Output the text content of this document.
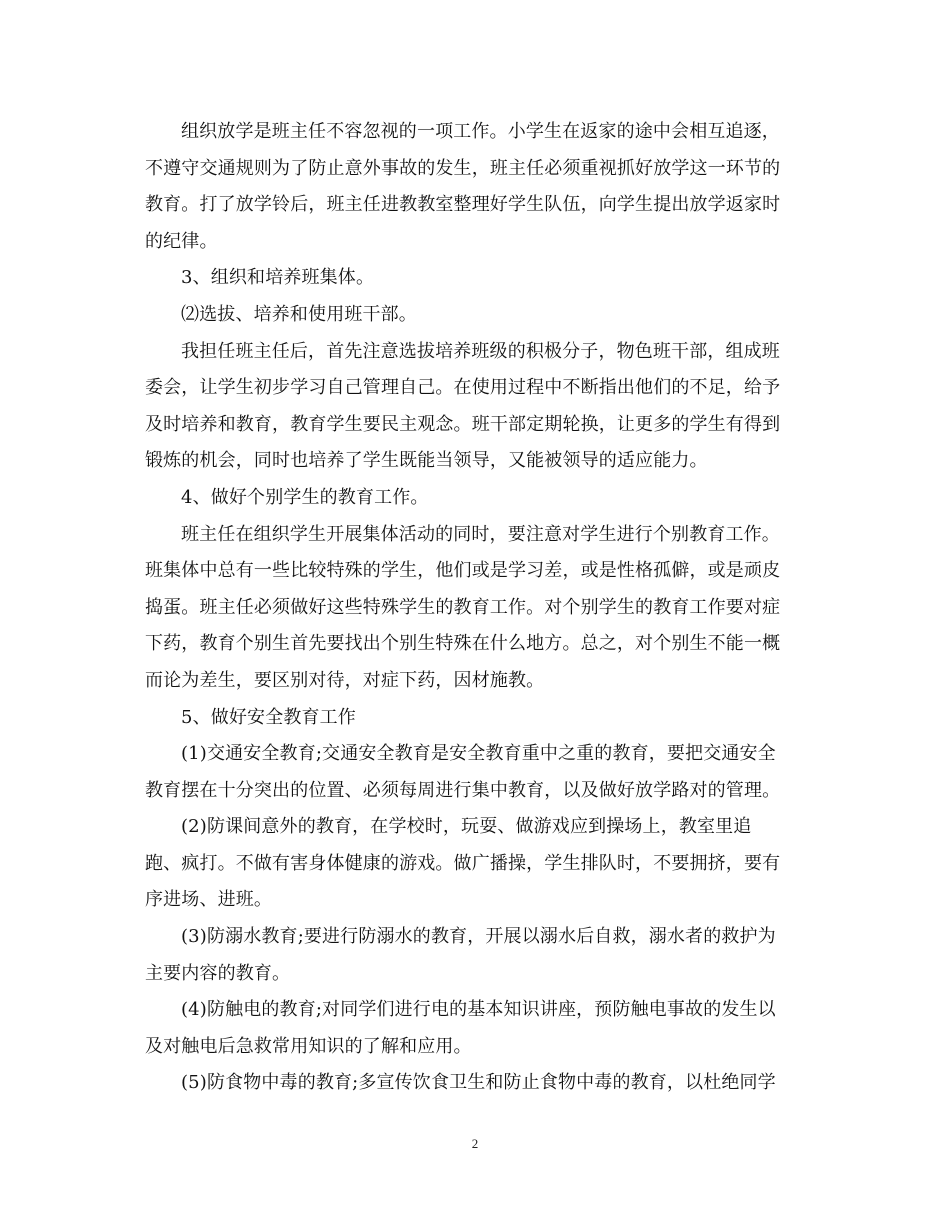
组织放学是班主任不容忽视的一项工作。小学生在返家的途中会相互追逐，
不遵守交通规则为了防止意外事故的发生，班主任必须重视抓好放学这一环节的
教育。打了放学铃后，班主任进教教室整理好学生队伍，向学生提出放学返家时
的纪律。
3、组织和培养班集体。
⑵选拔、培养和使用班干部。
我担任班主任后，首先注意选拔培养班级的积极分子，物色班干部，组成班
委会，让学生初步学习自己管理自己。在使用过程中不断指出他们的不足，给予
及时培养和教育，教育学生要民主观念。班干部定期轮换，让更多的学生有得到
锻炼的机会，同时也培养了学生既能当领导，又能被领导的适应能力。
4、做好个别学生的教育工作。
班主任在组织学生开展集体活动的同时，要注意对学生进行个别教育工作。
班集体中总有一些比较特殊的学生，他们或是学习差，或是性格孤僻，或是顽皮
捣蛋。班主任必须做好这些特殊学生的教育工作。对个别学生的教育工作要对症
下药，教育个别生首先要找出个别生特殊在什么地方。总之，对个别生不能一概
而论为差生，要区别对待，对症下药，因材施教。
5、做好安全教育工作
(1)交通安全教育;交通安全教育是安全教育重中之重的教育，要把交通安全
教育摆在十分突出的位置、必须每周进行集中教育，以及做好放学路对的管理。
(2)防课间意外的教育，在学校时，玩耍、做游戏应到操场上，教室里追
跑、疯打。不做有害身体健康的游戏。做广播操，学生排队时，不要拥挤，要有
序进场、进班。
(3)防溺水教育;要进行防溺水的教育，开展以溺水后自救，溺水者的救护为
主要内容的教育。
(4)防触电的教育;对同学们进行电的基本知识讲座，预防触电事故的发生以
及对触电后急救常用知识的了解和应用。
(5)防食物中毒的教育;多宣传饮食卫生和防止食物中毒的教育，以杜绝同学
2
